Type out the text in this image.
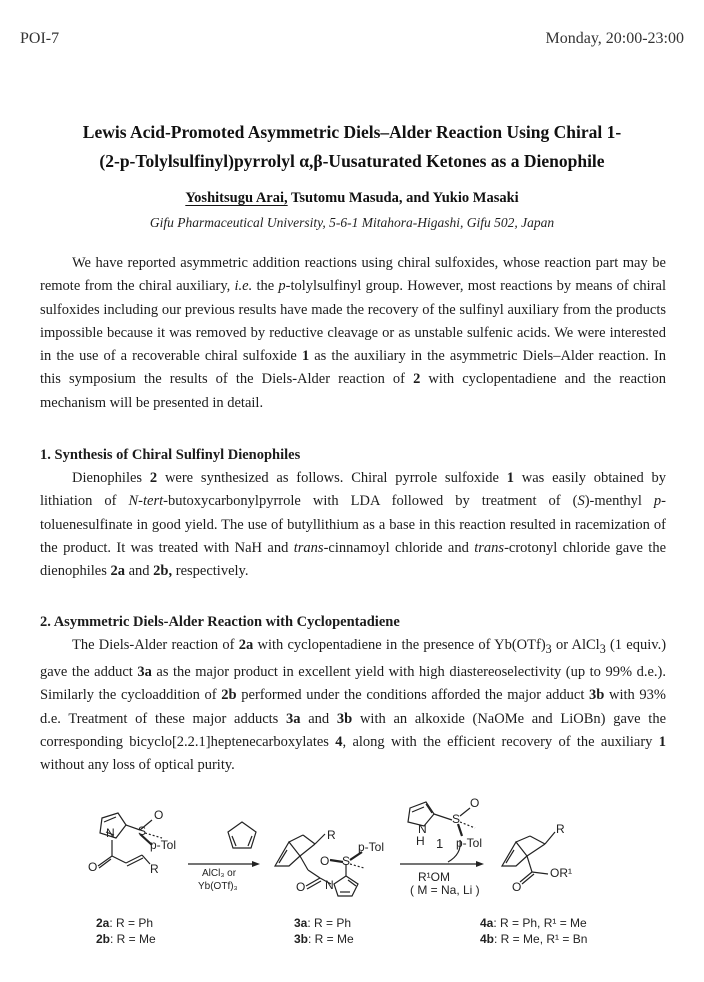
POI-7	Monday, 20:00-23:00
Lewis Acid-Promoted Asymmetric Diels–Alder Reaction Using Chiral 1-
(2-p-Tolylsulfinyl)pyrrolyl α,β-Uusaturated Ketones as a Dienophile
Yoshitsugu Arai, Tsutomu Masuda, and Yukio Masaki
Gifu Pharmaceutical University, 5-6-1 Mitahora-Higashi, Gifu 502, Japan

We have reported asymmetric addition reactions using chiral sulfoxides, whose reaction part may be remote from the chiral auxiliary, i.e. the p-tolylsulfinyl group. However, most reactions by means of chiral sulfoxides including our previous results have made the recovery of the sulfinyl auxiliary from the products impossible because it was removed by reductive cleavage or as unstable sulfenic acids. We were interested in the use of a recoverable chiral sulfoxide 1 as the auxiliary in the asymmetric Diels–Alder reaction. In this symposium the results of the Diels-Alder reaction of 2 with cyclopentadiene and the reaction mechanism will be presented in detail.

1. Synthesis of Chiral Sulfinyl Dienophiles

Dienophiles 2 were synthesized as follows. Chiral pyrrole sulfoxide 1 was easily obtained by lithiation of N-tert-butoxycarbonylpyrrole with LDA followed by treatment of (S)-menthyl p-toluenesulfinate in good yield. The use of butyllithium as a base in this reaction resulted in racemization of the product. It was treated with NaH and trans-cinnamoyl chloride and trans-crotonyl chloride gave the dienophiles 2a and 2b, respectively.

2. Asymmetric Diels-Alder Reaction with Cyclopentadiene

The Diels-Alder reaction of 2a with cyclopentadiene in the presence of $Yb(OTf)_3$ or AlCl$_3$ (1 equiv.) gave the adduct 3a as the major product in excellent yield with high diastereoselectivity (up to 99% d.e.). Similarly the cycloaddition of 2b performed under the conditions afforded the major adduct 3b with 93% d.e. Treatment of these major adducts 3a and 3b with an alkoxide (NaOMe and LiOBn) gave the corresponding bicyclo[2.2.1]heptenecarboxylates 4, along with the efficient recovery of the auxiliary 1 without any loss of optical purity.

N S
O
p-Tol
O	R	AlCl₃ or
Yb(OTf)₃
R
O S
p-Tol
O N
N
H 1
S
O
p-Tol
R¹OM
( M = Na, Li )
R
OR¹
O
2a: R = Ph
2b: R = Me
3a: R = Ph
3b: R = Me
4a: R = Ph, R¹ = Me
4b: R = Me, R¹ = Bn
